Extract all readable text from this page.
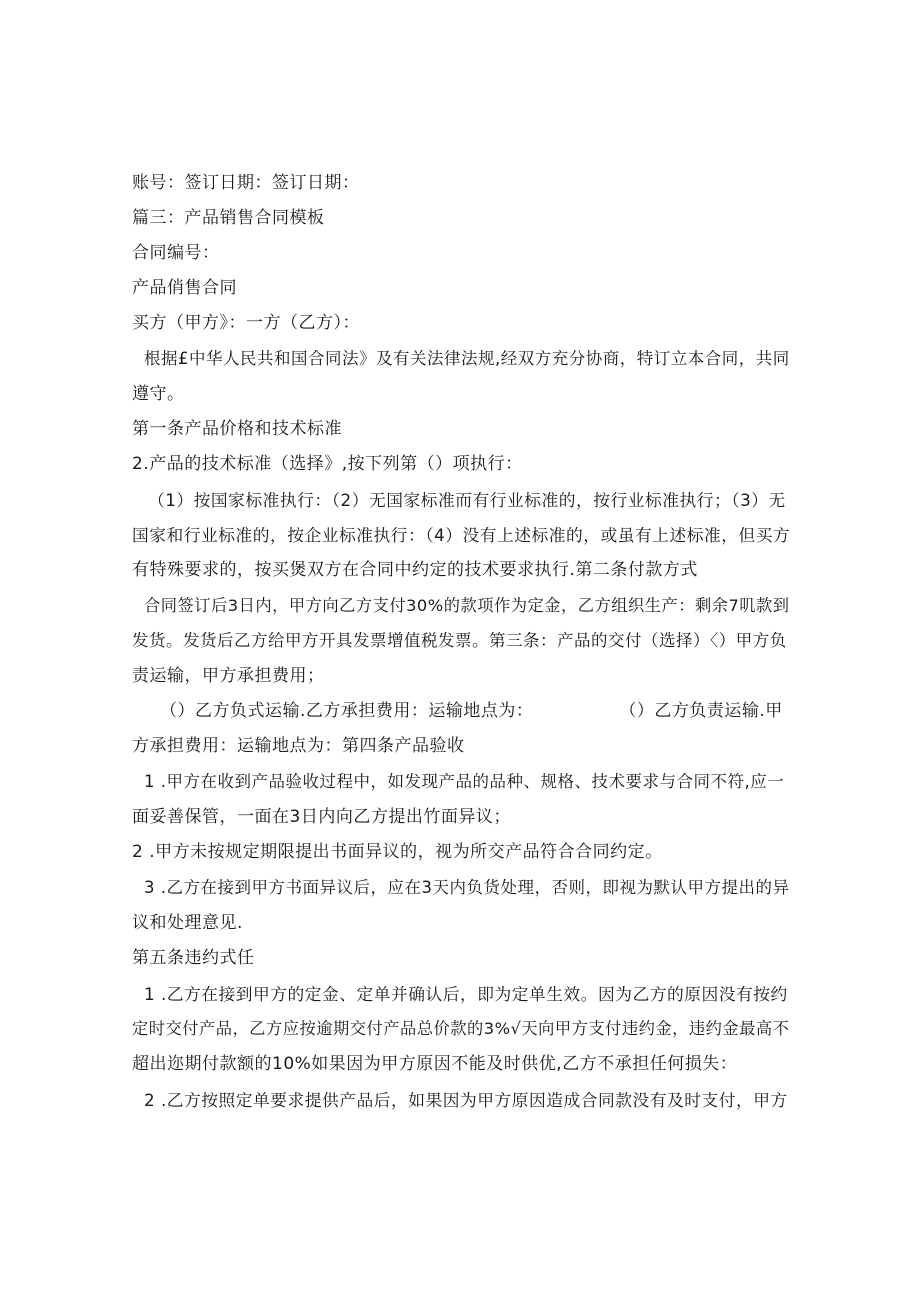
账号：签订日期：签订日期：
篇三：产品销售合同模板
合同编号：
产品俏售合同
买方（甲方》：一方（乙方）：
根据£中华人民共和国合同法》及有关法律法规,经双方充分协商，特订立本合同，共同
遵守。
第一条产品价格和技术标准
2.产品的技术标准（选择》,按下列第（）项执行：
（1）按国家标准执行：（2）无国家标准而有行业标准的，按行业标准执行；（3）无
国家和行业标准的，按企业标准执行：（4）没有上述标准的，或虽有上述标准，但买方
有特殊要求的，按买煲双方在合同中约定的技术要求执行.第二条付款方式
合同签订后3日内，甲方向乙方支付30%的款项作为定金，乙方组织生产：剩余7叽款到
发货。发货后乙方给甲方开具发票增值税发票。第三条：产品的交付（选择）〈）甲方负
责运输，甲方承担费用；
（）乙方负式运输.乙方承担费用：运输地点为：	（）乙方负责运输.甲
方承担费用：运输地点为：第四条产品验收
1 .甲方在收到产品验收过程中，如发现产品的品种、规格、技术要求与合同不符,应一
面妥善保管，一面在3日内向乙方提出竹面异议；
2 .甲方未按规定期限提出书面异议的，视为所交产品符合合同约定。
3 .乙方在接到甲方书面异议后，应在3天内负货处理，否则，即视为默认甲方提出的异
议和处理意见.
第五条违约式任
1 .乙方在接到甲方的定金、定单并确认后，即为定单生效。因为乙方的原因没有按约
定时交付产品，乙方应按逾期交付产品总价款的3%√天向甲方支付违约金，违约金最高不
超出迩期付款额的10%如果因为甲方原因不能及时供优,乙方不承担任何损失：
2 .乙方按照定单要求提供产品后，如果因为甲方原因造成合同款没有及时支付，甲方
